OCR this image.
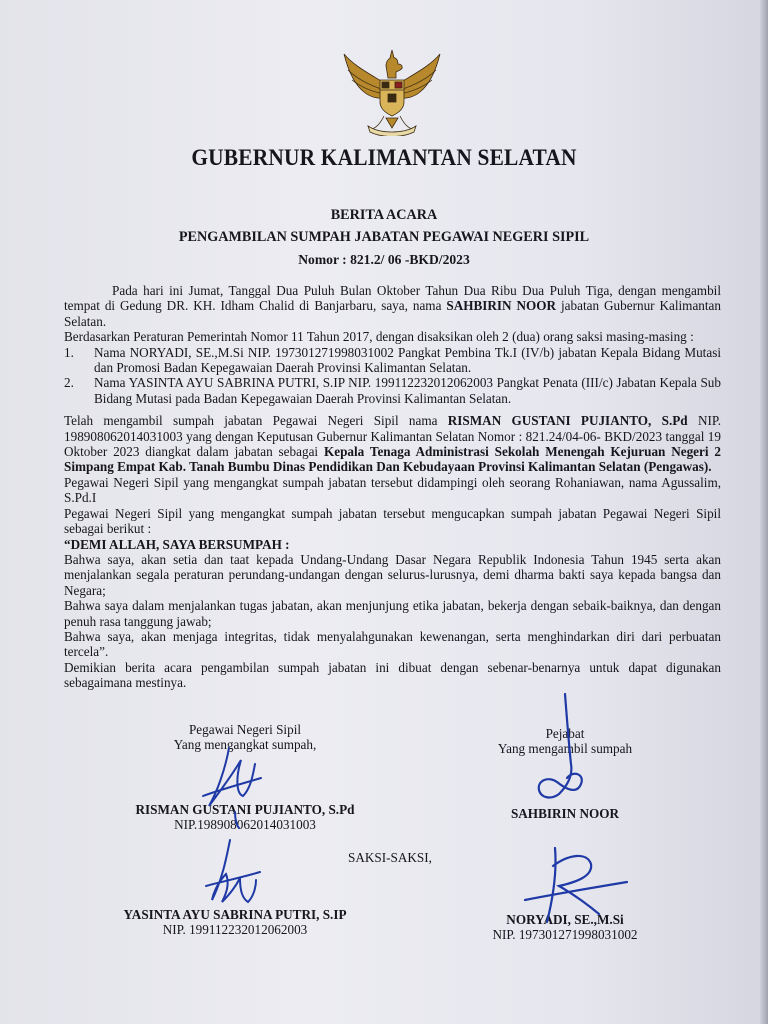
GUBERNUR KALIMANTAN SELATAN
BERITA ACARA
PENGAMBILAN SUMPAH JABATAN PEGAWAI NEGERI SIPIL
Nomor : 821.2/ 06 -BKD/2023

Pada hari ini Jumat, Tanggal Dua Puluh Bulan Oktober Tahun Dua Ribu Dua Puluh Tiga, dengan mengambil tempat di Gedung DR. KH. Idham Chalid di Banjarbaru, saya, nama SAHBIRIN NOOR jabatan Gubernur Kalimantan Selatan.

Berdasarkan Peraturan Pemerintah Nomor 11 Tahun 2017, dengan disaksikan oleh 2 (dua) orang saksi masing-masing :

1. Nama NORYADI, SE.,M.Si NIP. 197301271998031002 Pangkat Pembina Tk.I (IV/b) jabatan Kepala Bidang Mutasi dan Promosi Badan Kepegawaian Daerah Provinsi Kalimantan Selatan.
2. Nama YASINTA AYU SABRINA PUTRI, S.IP NIP. 199112232012062003 Pangkat Penata (III/c) Jabatan Kepala Sub Bidang Mutasi pada Badan Kepegawaian Daerah Provinsi Kalimantan Selatan.

Telah mengambil sumpah jabatan Pegawai Negeri Sipil nama RISMAN GUSTANI PUJIANTO, S.Pd NIP. 198908062014031003 yang dengan Keputusan Gubernur Kalimantan Selatan Nomor : 821.24/04-06- BKD/2023 tanggal 19 Oktober 2023 diangkat dalam jabatan sebagai Kepala Tenaga Administrasi Sekolah Menengah Kejuruan Negeri 2 Simpang Empat Kab. Tanah Bumbu Dinas Pendidikan Dan Kebudayaan Provinsi Kalimantan Selatan (Pengawas).

Pegawai Negeri Sipil yang mengangkat sumpah jabatan tersebut didampingi oleh seorang Rohaniawan, nama Agussalim, S.Pd.I

Pegawai Negeri Sipil yang mengangkat sumpah jabatan tersebut mengucapkan sumpah jabatan Pegawai Negeri Sipil sebagai berikut :

“DEMI ALLAH, SAYA BERSUMPAH :

Bahwa saya, akan setia dan taat kepada Undang-Undang Dasar Negara Republik Indonesia Tahun 1945 serta akan menjalankan segala peraturan perundang-undangan dengan selurus-lurusnya, demi dharma bakti saya kepada bangsa dan Negara;

Bahwa saya dalam menjalankan tugas jabatan, akan menjunjung etika jabatan, bekerja dengan sebaik-baiknya, dan dengan penuh rasa tanggung jawab;

Bahwa saya, akan menjaga integritas, tidak menyalahgunakan kewenangan, serta menghindarkan diri dari perbuatan tercela”.

Demikian berita acara pengambilan sumpah jabatan ini dibuat dengan sebenar-benarnya untuk dapat digunakan sebagaimana mestinya.

Pegawai Negeri Sipil
Yang mengangkat sumpah,
Pejabat
Yang mengambil sumpah
RISMAN GUSTANI PUJIANTO, S.Pd
NIP.198908062014031003
SAHBIRIN NOOR
SAKSI-SAKSI,
YASINTA AYU SABRINA PUTRI, S.IP
NIP. 199112232012062003
NORYADI, SE.,M.Si
NIP. 197301271998031002
